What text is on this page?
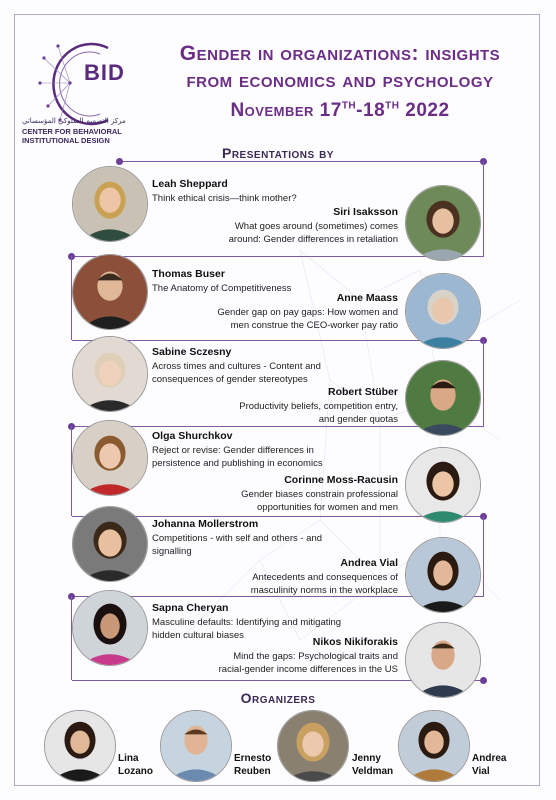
BID
مركز التصميم السلوكي المؤسساتي
CENTER FOR BEHAVIORAL
INSTITUTIONAL DESIGN
Gender in organizations: insights
from economics and psychology
November 17TH-18TH 2022
Presentations by
Leah Sheppard
Think ethical crisis—think mother?
Siri Isaksson
What goes around (sometimes) comes around: Gender differences in retaliation
Thomas Buser
The Anatomy of Competitiveness
Anne Maass
Gender gap on pay gaps: How women and men construe the CEO-worker pay ratio
Sabine Sczesny
Across times and cultures - Content and consequences of gender stereotypes
Robert Stüber
Productivity beliefs, competition entry, and gender quotas
Olga Shurchkov
Reject or revise: Gender differences in persistence and publishing in economics
Corinne Moss-Racusin
Gender biases constrain professional opportunities for women and men
Johanna Mollerstrom
Competitions - with self and others - and signalling
Andrea Vial
Antecedents and consequences of masculinity norms in the workplace
Sapna Cheryan
Masculine defaults: Identifying and mitigating hidden cultural biases
Nikos Nikiforakis
Mind the gaps: Psychological traits and racial-gender income differences in the US
Organizers
Lina
Lozano
Ernesto
Reuben
Jenny
Veldman
Andrea
Vial
